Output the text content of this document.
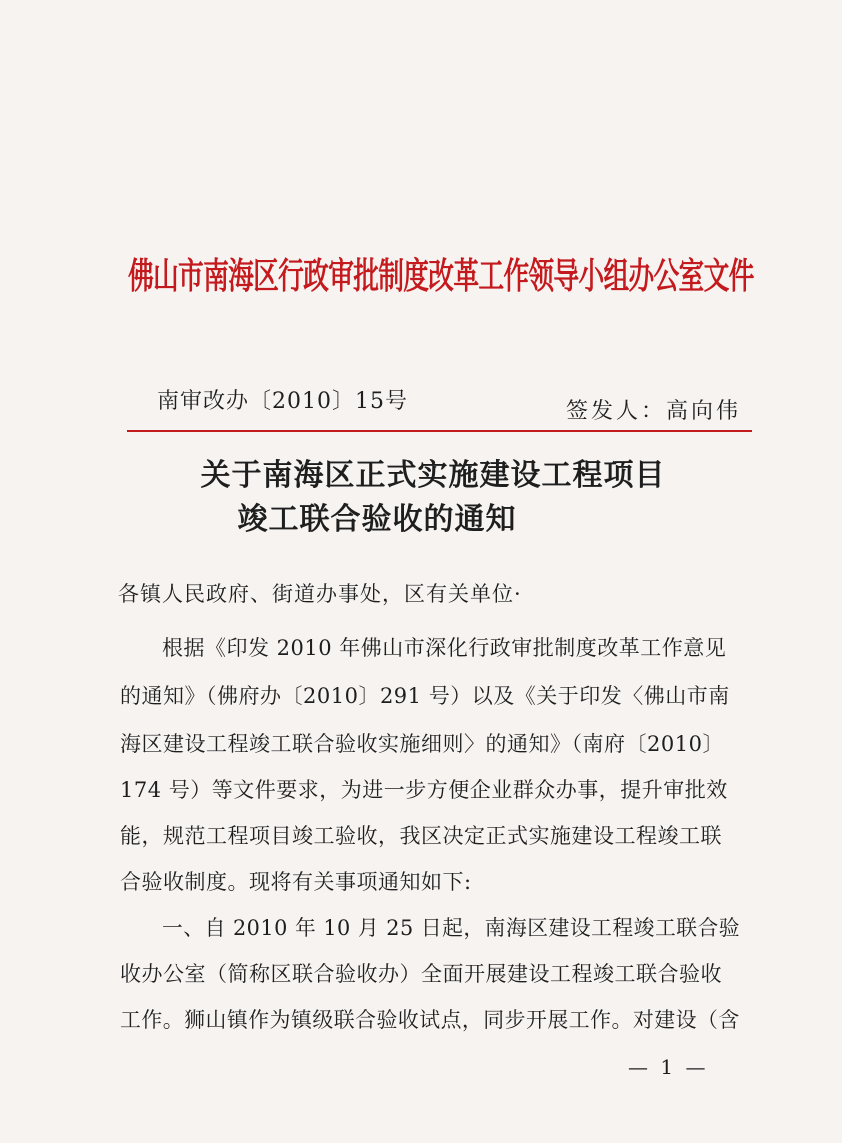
佛山市南海区行政审批制度改革工作领导小组办公室文件
南审改办〔2010〕15号	签发人：高向伟
关于南海区正式实施建设工程项目
竣工联合验收的通知
各镇人民政府、街道办事处，区有关单位·
根据《印发 2010 年佛山市深化行政审批制度改革工作意见
的通知》（佛府办〔2010〕291 号）以及《关于印发〈佛山市南
海区建设工程竣工联合验收实施细则〉的通知》（南府〔2010〕
174 号）等文件要求，为进一步方便企业群众办事，提升审批效
能，规范工程项目竣工验收，我区决定正式实施建设工程竣工联
合验收制度。现将有关事项通知如下:
一、自 2010 年 10 月 25 日起，南海区建设工程竣工联合验
收办公室（简称区联合验收办）全面开展建设工程竣工联合验收
工作。狮山镇作为镇级联合验收试点，同步开展工作。对建设（含
— 1 —
